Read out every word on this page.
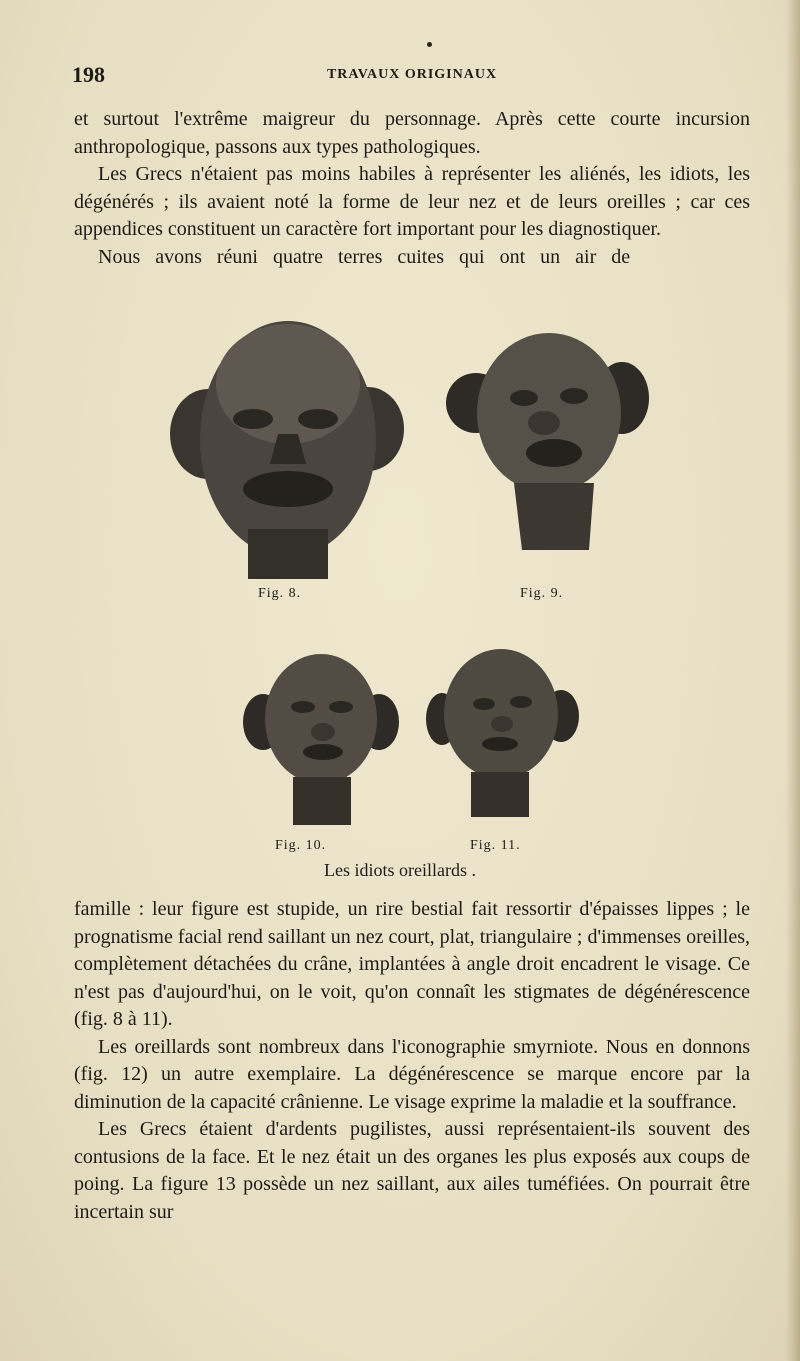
198	TRAVAUX ORIGINAUX

et surtout l'extrême maigreur du personnage. Après cette courte incursion anthropologique, passons aux types pathologiques.

Les Grecs n'étaient pas moins habiles à représenter les aliénés, les idiots, les dégénérés ; ils avaient noté la forme de leur nez et de leurs oreilles ; car ces appendices constituent un caractère fort important pour les diagnostiquer.

Nous avons réuni quatre terres cuites qui ont un air de

Fig. 8.	Fig. 9.
Fig. 10.	Fig. 11.
Les idiots oreillards .

famille : leur figure est stupide, un rire bestial fait ressortir d'épaisses lippes ; le prognatisme facial rend saillant un nez court, plat, triangulaire ; d'immenses oreilles, complètement détachées du crâne, implantées à angle droit encadrent le visage. Ce n'est pas d'aujourd'hui, on le voit, qu'on connaît les stigmates de dégénérescence (fig. 8 à 11).

Les oreillards sont nombreux dans l'iconographie smyrniote. Nous en donnons (fig. 12) un autre exemplaire. La dégénérescence se marque encore par la diminution de la capacité crânienne. Le visage exprime la maladie et la souffrance.

Les Grecs étaient d'ardents pugilistes, aussi représentaient-ils souvent des contusions de la face. Et le nez était un des organes les plus exposés aux coups de poing. La figure 13 possède un nez saillant, aux ailes tuméfiées. On pourrait être incertain sur
